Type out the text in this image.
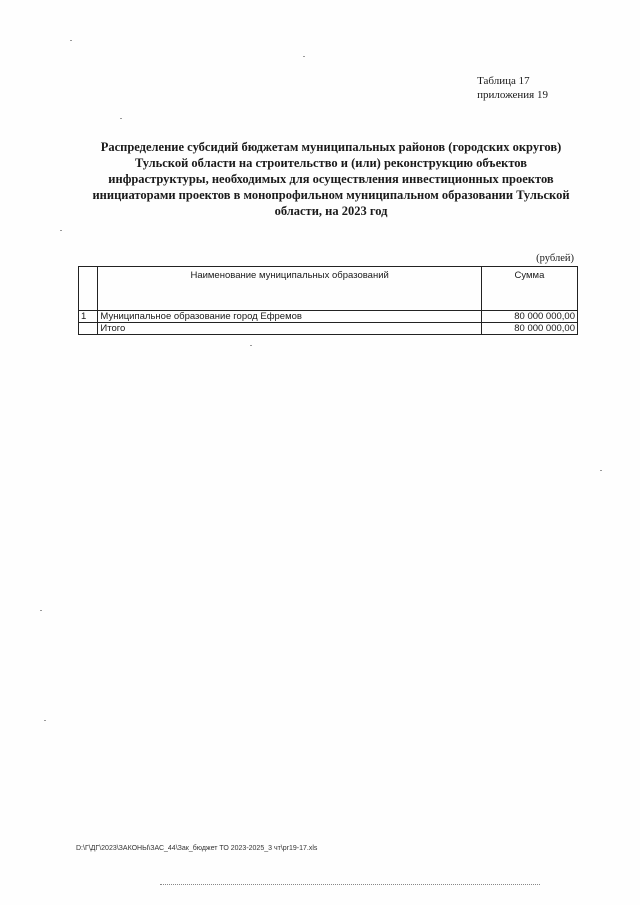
Таблица 17
приложения 19
Распределение субсидий бюджетам муниципальных районов (городских округов) Тульской области на строительство и (или) реконструкцию объектов инфраструктуры, необходимых для осуществления инвестиционных проектов инициаторами проектов в монопрофильном муниципальном образовании Тульской области, на 2023 год
(рублей)
	Наименование муниципальных образований	Сумма
1	Муниципальное образование город Ефремов	80 000 000,00
	Итого	80 000 000,00
D:\Г\ДГ\2023\ЗАКОНЫ\ЗАС_44\Зак_бюджет ТО 2023-2025_3 чт\pr19-17.xls
